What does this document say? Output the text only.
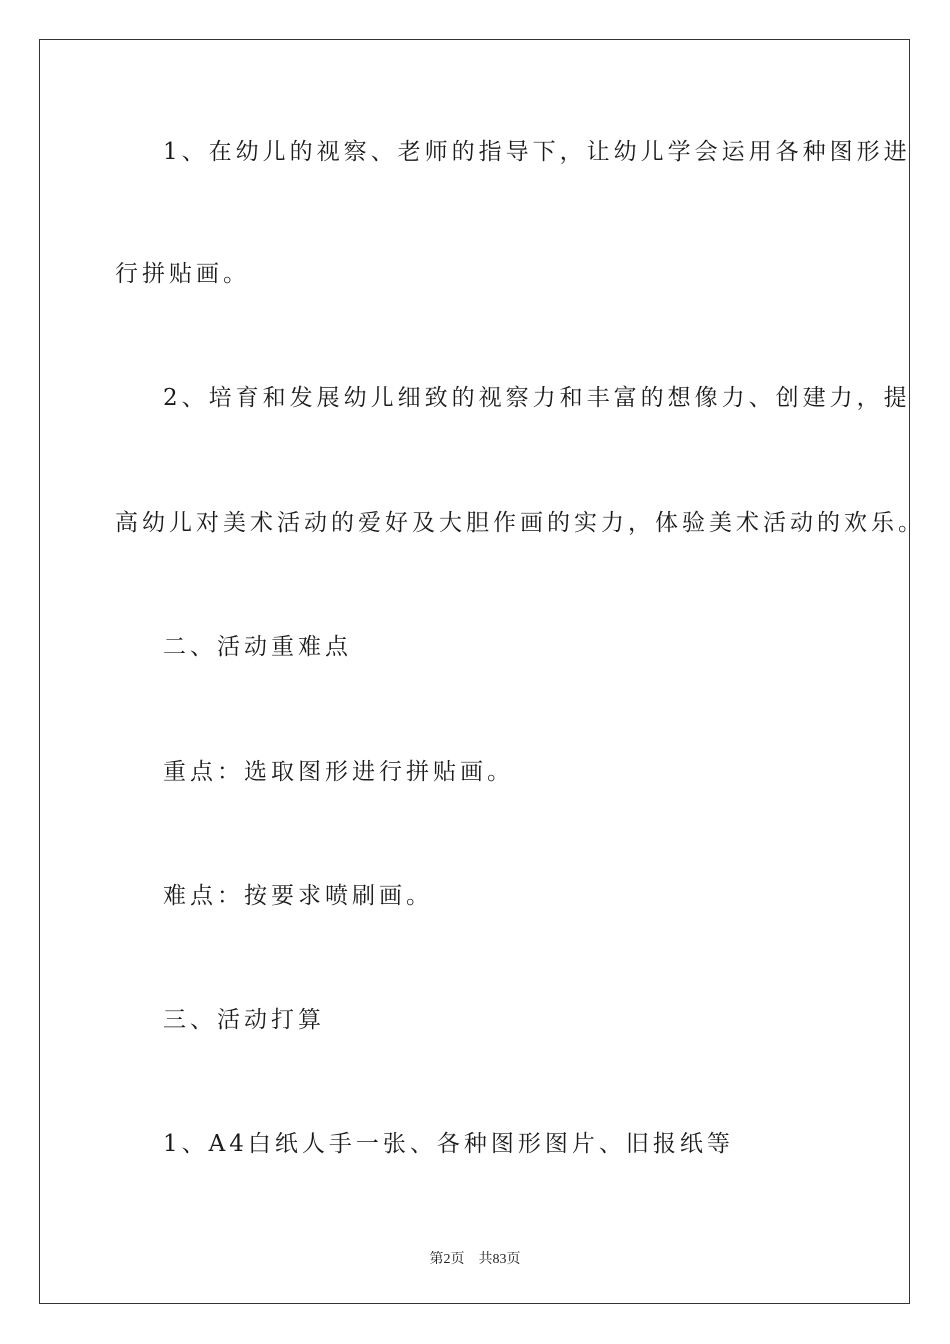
1、在幼儿的视察、老师的指导下，让幼儿学会运用各种图形进
行拼贴画。
2、培育和发展幼儿细致的视察力和丰富的想像力、创建力，提
高幼儿对美术活动的爱好及大胆作画的实力，体验美术活动的欢乐。
二、活动重难点
重点：选取图形进行拼贴画。
难点：按要求喷刷画。
三、活动打算
1、A4白纸人手一张、各种图形图片、旧报纸等
第2页 共83页
